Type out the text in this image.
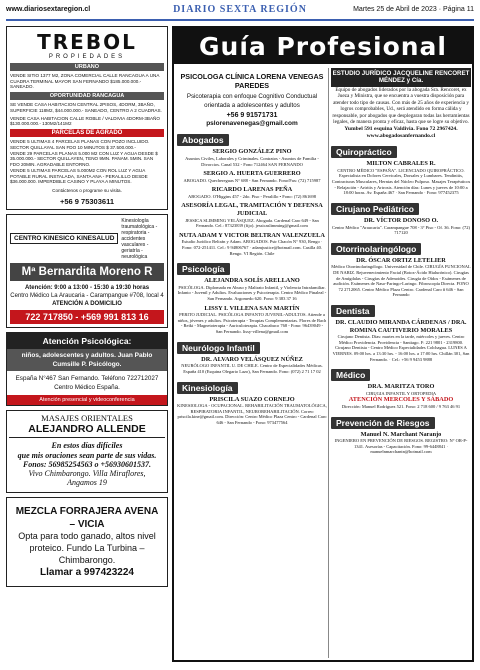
www.diariosextaregion.cl	DIARIO SEXTA REGIÓN	Martes 25 de Abril de 2023 · Página 11
TREBOL
PROPIEDADES
URBANO

VENDE SITIO 1377 M2, ZONA COMERCIAL CALLE RANCAGUA A UNA CUADRA TERMINAL MAYOR SAN FERNANDO $185.000.000.- SANEADO.

OPORTUNIDAD RANCAGUA

SE VENDE CASA HABITACION CENTRAL 2PISOS, 4DORM, 3BAÑO, SUPERFICIE 118M2, $44.000.000.- SANEADO, CENTRO A 2 CUADRAS.

VENDE CASA HABITACION CALLE ROBLE / VALDIVIA 4DORM-3BAÑO $130.000.000.- 130M2/141M2

PARCELAS DE AGRADO

VENDE 5 ULTIMAS 4 PARCELAS PLANAS CON POZO INCLUIDO. SECTOR QUILLAYAL SAN FDO 10 MINUTOS $ 37.500.000.-

VENDE 29 PARCELAS PLANAS 5.000 M2 CON LUZ Y AGUA DESDE $ 35.000.000.- SECTOR QUILLAYEN, TENO 9MN. PANAM. 5MIN. SAN FDO 20MIN. AGRADABLE ENTORNO.

VENDE 5 ULTIMAS PARCELAS 5.000M2 CON ROL LUZ Y AGUA POTABLE RURAL INSTALADA, SANTA ANA - PERALILLO DESDE $36.000.000. IMPERDIBLE CASINO Y PLAYA A MINUTOS.

Contáctenos o programe su visita.

+56 9 75303611
CENTRO KINESICO KINESALUD
Kinesiología traumatológica - respiratoria - accidentes vasculares - geriatría - neurológica
Mª Bernardita Moreno R
Atención: 9:00 a 13:00 - 15:30 a 19:30 horas
Centro Médico La Araucaria - Carampangue #708, local 4
ATENCIÓN A DOMICILIO
722 717850 - +569 991 813 16
Atención Psicológica:
niños, adolescentes y adultos. Juan Pablo Cumsille P. Psicólogo.
España N°467 San Fernando. Teléfono 722712027 Centro Médico España.
Atención presencial y videoconferencia
MASAJES ORIENTALES
ALEJANDRO ALLENDE
En estos días difíciles
que mis oraciones sean parte de sus vidas.
Fonos: 56985254563 o +56930601537.
Vivo Chimbarongo. Villa Miraflores, Angamos 19
MEZCLA FORRAJERA AVENA – VICIA
Opta para todo ganado, altos nivel proteico. Fundo La Turbina –Chimbarongo.
Llamar a 997423224
Guía Profesional
PSICOLOGA CLÍNICA LORENA VENEGAS PAREDES
Psicoterapia con enfoque Cognitivo Conductual orientada a adolescentes y adultos
+56 9 91571731
pslorenavenegas@gmail.com
Abogados

SERGIO GONZÁLEZ PINO

Asuntos Civiles, Laborales y Criminales. Contratos - Asuntos de Familia - Divorcios. Canal 532 - Fono 712464 SAN FERNANDO

SERGIO A. HUERTA GUERRERO

ABOGADO. Quechereguas N° 688 - San Fernando. Fono/Fax: (72) 715987

RICARDO LARENAS PEÑA

ABOGADO. O'Higgins 457 - 2do. Piso - Peralillo • Fono: (72) 861698

ASESORÍA LEGAL, TRAMITACIÓN Y DEFENSA JUDICIAL

JESSICA SLIMMING VELÁSQUEZ. Abogada. Cardenal Caro 649 - San Fernando. Cel.: 87323839 (fijo). jessicaslimming@gmail.com

NUTA ADAM Y VICTOR BELTRAN VALENZUELA

Estudio Jurídico Beltrán y Adam. ABOGADOS. Pstr Chacón N° 930, Rengo · Fono: 072-251411. Cel.: 9 94806767 · adamjustice@hotmail.com. Casilla 40. Rengo. VI Región. Chile

Psicología

ALEJANDRA SOLÍS ARELLANO

PSICÓLOGA. Diplomada en Abuso y Maltrato Infantil, y Violencia Intrafamiliar. Infanto - Juvenil y Adultos. Evaluaciones y Psicoterapia. Centro Médico Pinaleal - San Fernando. Argomedo 620. Fono: 9 383 37 16

LISSY I. VILLENA SAN MARTÍN

PERITO JUDICIAL. PSICÓLOGA INFANTO JUVENIL-ADULTOS. Atiende a niños, jóvenes y adultos. Psicoterapia - Terapias Complementarias. Flores de Bach - Reiki - Magnetoterapia - Auriculoterapia. Chacabuco 768 - Fono: 96439049 - San Fernando. lissy-villena@gmail.com

Neurólogo Infantil

DR. ALVARO VELÁSQUEZ NÚÑEZ

NEURÓLOGO INFANTIL U. DE CHILE. Centro de Especialidades Médicas. España 410 (Esquina Olegario Lazo), San Fernando. Fono: (072) 2 71 17 02

Kinesiología

PRISCILA SUAZO CORNEJO

KINESIOLOGA - OCUPACIONAL. REHABILITACIÓN TRAUMATOLÓGICA, RESPIRATORIA INFANTIL, NEUROREHABILITACIÓN. Correo priscila.kine@gmail.com. Dirección: Centro Médico Plaza Centro - Cardenal Caro 646 - San Fernando - Fono: 973477564

ESTUDIO JURÍDICO JACQUELINE RENCORET MÉNDEZ y Cía.

Equipo de abogados liderados por la abogada Sra. Rencoret, ex Jueza y Ministra, que se encuentra a vuestra disposición para atender todo tipo de causas. Con más de 25 años de experiencia y logros comprobables, Ud., será atendido en forma cálida y responsable, por abogados que desplegaran todas las herramientas legales, de manera pronta y eficaz, hasta que se logre su objetivo.

Yumbel 591 esquina Valdivia. Fono 72 2967424. www.abogadosanfernando.cl

Quiropráctico

MILTON CABRALES R.

CENTRO MÉDICO "ESPAÑA". LICENCIADO QUIROPRÁCTICO. Especialista en Dolores Cervicales, Dorsales y Lumbares. Tendinitis, Contracturas Musculares, Hernias del Núcleo Pulposo. Masajes Terapéuticos - Relajación - Artritis y Artrosis. Atención días: Lunes y jueves de 10:00 a 18:00 horas. Av. España 467 · San Fernando · Fono: 977452375

Cirujano Pediátrico

DR. VÍCTOR DONOSO O.

Centro Médico "Araucaria". Carampangue 708 - 3° Piso - Of. 36. Fono: (72) 717120

Otorrinolaringólogo

DR. ÓSCAR ORTIZ LETELIER

Médico Otorrinolaringólogo. Universidad de Chile. CIRUGÍA FUNCIONAL DE NARIZ. Rejuvenecimiento Facial (Botox-Ácido Hialurónico). Cirugías de Amígdalas - Cirugías de Adenoides. Cirugía de Oídos - Exámenes de audición. Exámenes de Naso-Faringo-Laringo. Fibroscopía Directa. FONO 72 2712065. Centro Médico Plaza Centro. Cardenal Caro # 646 - San Fernando

Dentista

DR. CLAUDIO MIRANDA CÁRDENAS / DRA. ROMINA CAUTIVERIO MORALES

Cirujano Dentista. Días: martes en la tarde, miércoles y jueves. Centro Médico Providencia. Providencia - Santiago. F: 221 9801 - 2319800. Cirujano Dentista - Centro Médico Especialidades Colchagua. LUNES A VIERNES. 09:00 hrs. a 13:30 hrs. - 16:00 hrs. a 17:00 hrs. Chillán 301, San Fernando. · Cel.: +56 9 9453 9888

Médico

DRA. MARITZA TORO

CIRUGIA INFANTIL Y ORTOPEDIA

ATENCIÓN MERCOLES Y SÁBADO

Dirección: Manuel Rodríguez 521. Fono: 2 718 600 / 9 763 46 91

Prevención de Riesgos

Manuel N. Marchant Naranjo

INGENIERO EN PREVENCIÓN DE RIESGOS. REGISTRO: N° OR-P-1341. Asesorías - Capacitación. Fono: 99-6448841 · manuelnmarchantn@hotmail.com
